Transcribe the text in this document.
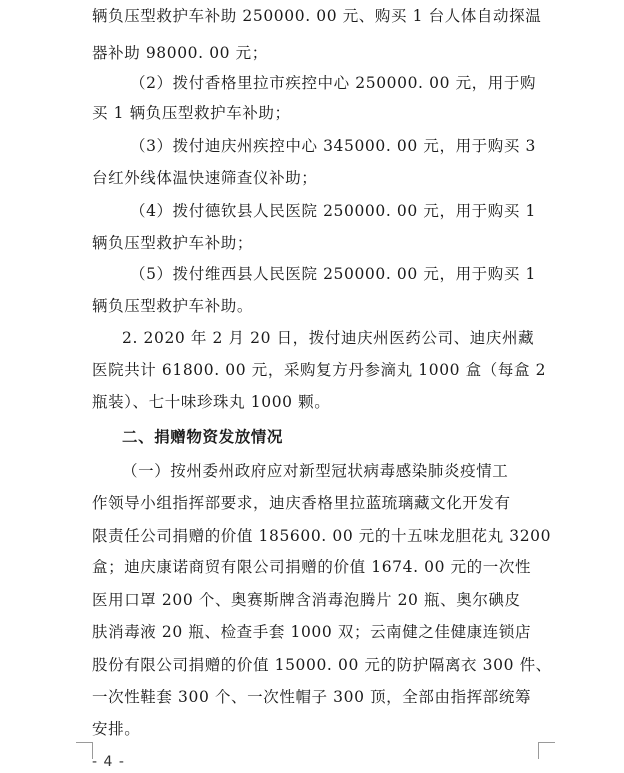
辆负压型救护车补助 250000. 00 元、购买 1 台人体自动探温
器补助 98000. 00 元；
（2）拨付香格里拉市疾控中心 250000. 00 元，用于购
买 1 辆负压型救护车补助；
（3）拨付迪庆州疾控中心 345000. 00 元，用于购买 3
台红外线体温快速筛查仪补助；
（4）拨付德钦县人民医院 250000. 00 元，用于购买 1
辆负压型救护车补助；
（5）拨付维西县人民医院 250000. 00 元，用于购买 1
辆负压型救护车补助。
2. 2020 年 2 月 20 日，拨付迪庆州医药公司、迪庆州藏
医院共计 61800. 00 元，采购复方丹参滴丸 1000 盒（每盒 2
瓶装）、七十味珍珠丸 1000 颗。
二、捐赠物资发放情况
（一）按州委州政府应对新型冠状病毒感染肺炎疫情工
作领导小组指挥部要求，迪庆香格里拉蓝琉璃藏文化开发有
限责任公司捐赠的价值 185600. 00 元的十五味龙胆花丸 3200
盒；迪庆康诺商贸有限公司捐赠的价值 1674. 00 元的一次性
医用口罩 200 个、奥赛斯牌含消毒泡腾片 20 瓶、奥尔碘皮
肤消毒液 20 瓶、检查手套 1000 双；云南健之佳健康连锁店
股份有限公司捐赠的价值 15000. 00 元的防护隔离衣 300 件、
一次性鞋套 300 个、一次性帽子 300 顶，全部由指挥部统筹
安排。
- 4 -
